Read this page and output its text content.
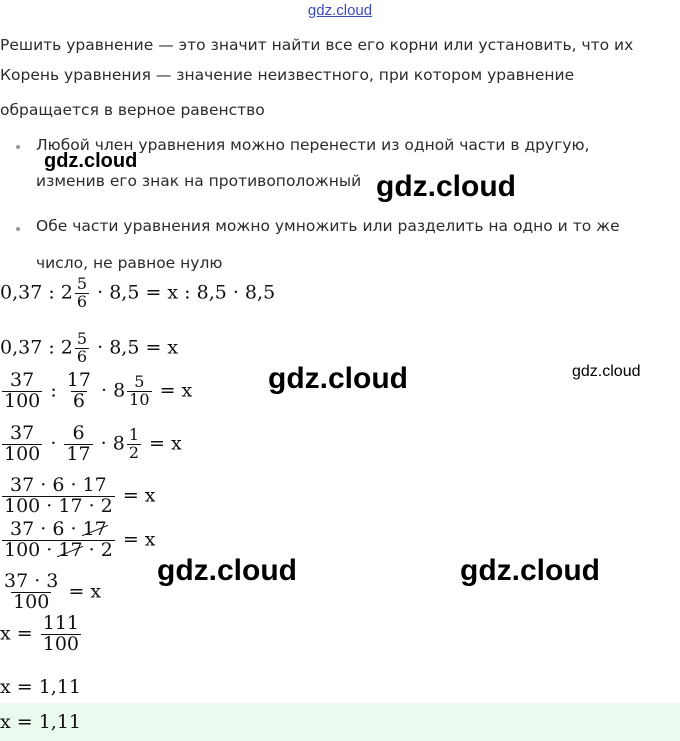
gdz.cloud
Решить уравнение — это значит найти все его корни или установить, что их
Корень уравнения — значение неизвестного, при котором уравнение
обращается в верное равенство
Любой член уравнения можно перенести из одной части в другую,
изменив его знак на противоположный
Обе части уравнения можно умножить или разделить на одно и то же
число, не равное нулю
0,37 : $2 \frac{5}{6} \cdot 8,5 = x$ : 8,5 · 8,5
0,37 : $2 \frac{5}{6} \cdot 8,5 = x$
$\frac{37}{100}$ : $\frac{17}{6} \cdot 8 \frac{5}{10} = x$
$\frac{37}{100} \cdot \frac{6}{17} \cdot 8 \frac{1}{2} = x$
$\frac{37 \cdot 6 \cdot 17}{100 \cdot 17 \cdot 2} = x$
$\frac{37 \cdot 6 \cdot 17}{100 \cdot 17 \cdot 2} = x$
$\frac{37 \cdot 3}{100} = x$
$x = \frac{111}{100}$
x = 1,11
x = 1,11
gdz.cloud
gdz.cloud
gdz.cloud	gdz.cloud
gdz.cloud	gdz.cloud
